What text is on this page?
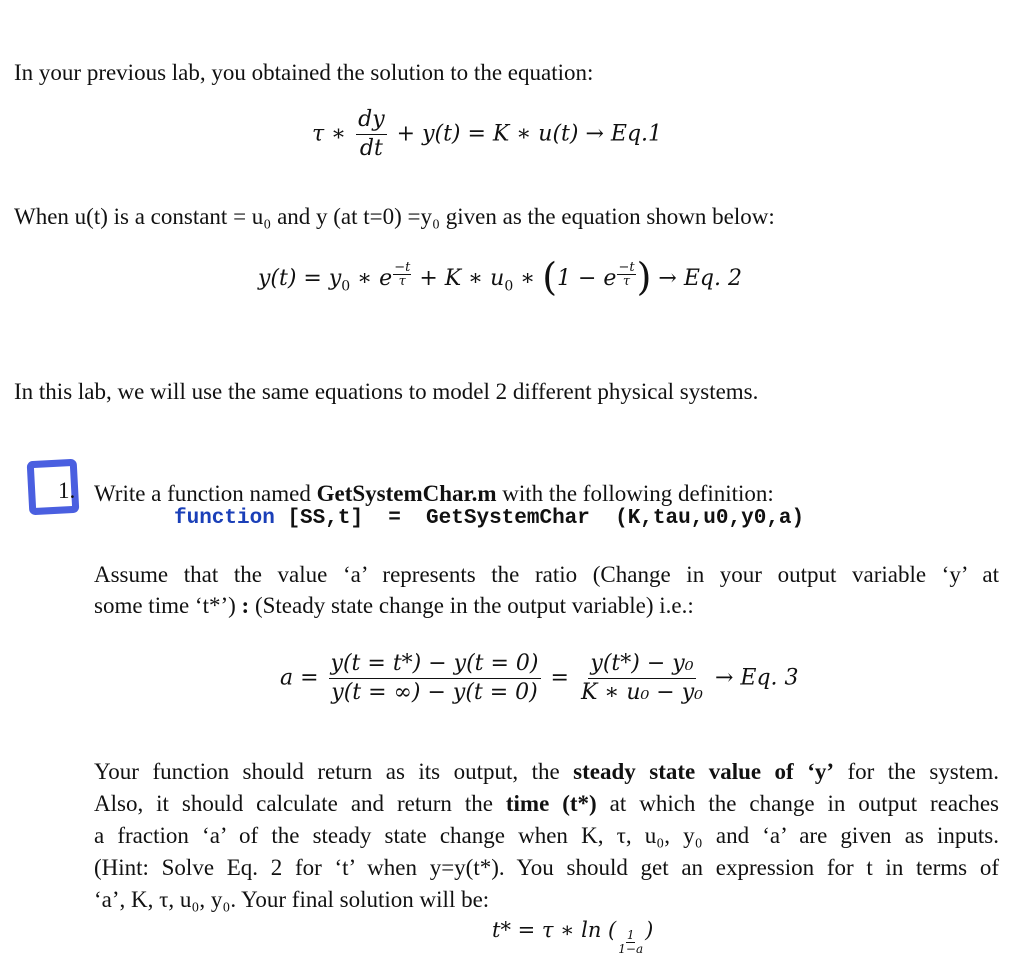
In your previous lab, you obtained the solution to the equation:
τ ∗ $\frac{dy}{dt} + y(t) = K$ ∗ u(t) → Eq.1
When u(t) is a constant = u₀ and y (at t=0) =y₀ given as the equation shown below:
$y(t) = y_0$ ∗ e $\frac{-t}{\tau} + K$ ∗ $u_0$ ∗ (1 − e $\frac{-t}{\tau}$ ) → Eq. 2
In this lab, we will use the same equations to model 2 different physical systems.
1. Write a function named GetSystemChar.m with the following definition:
function [SS,t]  =  GetSystemChar  (K,tau,u0,y0,a)
Assume that the value ‘a’ represents the ratio (Change in your output variable ‘y’ at
some time ‘t*’) : (Steady state change in the output variable) i.e.:
$a = \frac{y(t = t*) - y(t = 0)}{y(t = \infty) - y(t = 0)} = \frac{\text{y(t*) − y₀}}{\text{K ∗ u₀ − y₀}} \to Eq$. 3
Your function should return as its output, the steady state value of ‘y’ for the system.
Also, it should calculate and return the time (t*) at which the change in output reaches
a fraction ‘a’ of the steady state change when K, τ, u₀, y₀ and ‘a’ are given as inputs.
(Hint: Solve Eq. 2 for ‘t’ when y=y(t*). You should get an expression for t in terms of
‘a’, K, τ, u₀, y₀. Your final solution will be:
t* = τ ∗ ln ( $\frac{1}{1-a}$ )
